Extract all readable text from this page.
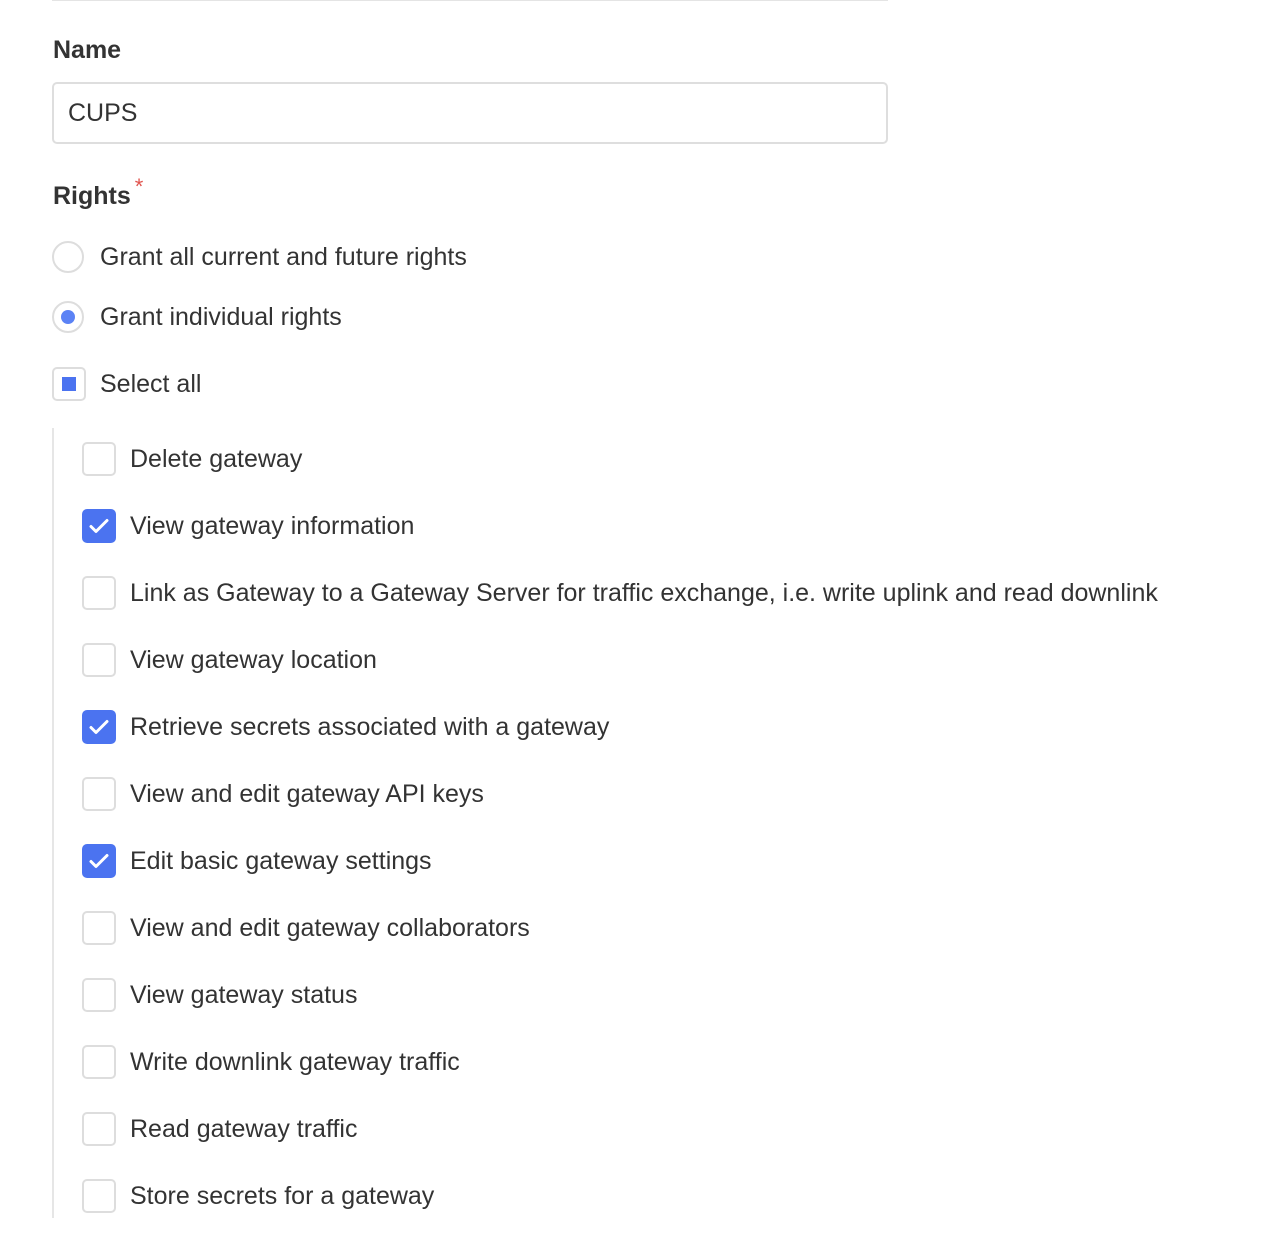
Name
CUPS
Rights *
Grant all current and future rights
Grant individual rights
Select all
Delete gateway
View gateway information
Link as Gateway to a Gateway Server for traffic exchange, i.e. write uplink and read downlink
View gateway location
Retrieve secrets associated with a gateway
View and edit gateway API keys
Edit basic gateway settings
View and edit gateway collaborators
View gateway status
Write downlink gateway traffic
Read gateway traffic
Store secrets for a gateway
